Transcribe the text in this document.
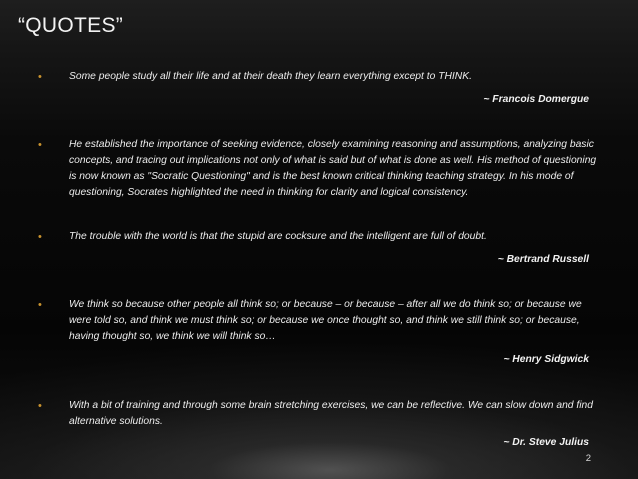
“QUOTES”
•	Some people study all their life and at their death they learn everything except to THINK.

~ Francois Domergue

•	He established the importance of seeking evidence, closely examining reasoning and assumptions, analyzing basic concepts, and tracing out implications not only of what is said but of what is done as well. His method of questioning is now known as "Socratic Questioning" and is the best known critical thinking teaching strategy. In his mode of questioning, Socrates highlighted the need in thinking for clarity and logical consistency.

•	The trouble with the world is that the stupid are cocksure and the intelligent are full of doubt.

~ Bertrand Russell

•	We think so because other people all think so; or because – or because – after all we do think so; or because we were told so, and think we must think so; or because we once thought so, and think we still think so; or because, having thought so, we think we will think so…

~ Henry Sidgwick

•	With a bit of training and through some brain stretching exercises, we can be reflective. We can slow down and find alternative solutions.

~ Dr. Steve Julius

2
